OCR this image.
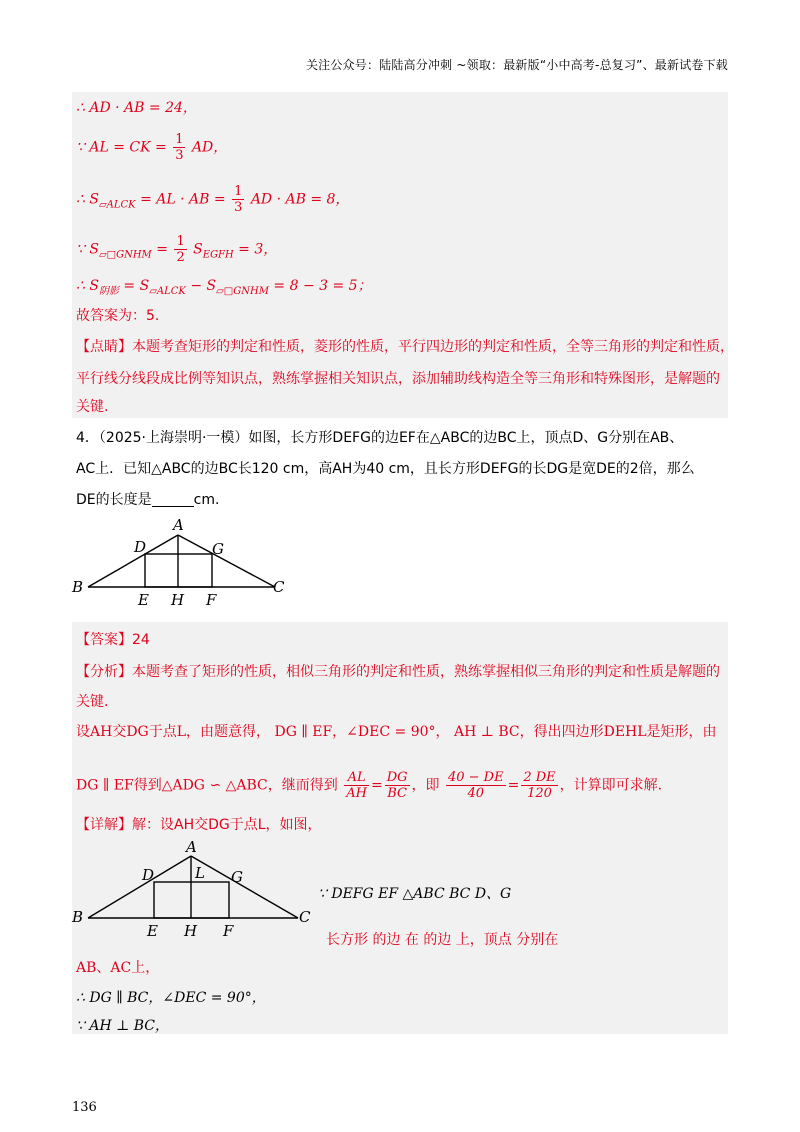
关注公众号：陆陆高分冲刺 ~领取：最新版“小中高考-总复习”、最新试卷下载
∴ AD · AB = 24，
∵ AL = CK = $\frac{1}{3}$ AD，
∴ $S_{▱ALCK}$ = AL · AB = $\frac{1}{3}$ AD · AB = 8，
∵ $S_{▱□GNHM} = \frac{1}{2} S_{EGFH} = 3$，
∴ $S_{阴影} = S_{▱ALCK} - S_{▱□GNHM} = 8 - 3 = 5$；
故答案为：5.
【点睛】本题考查矩形的判定和性质，菱形的性质，平行四边形的判定和性质，全等三角形的判定和性质，
平行线分线段成比例等知识点，熟练掌握相关知识点，添加辅助线构造全等三角形和特殊图形，是解题的
关键.
4．（2025·上海崇明·一模）如图，长方形DEFG的边EF在△ABC的边BC上，顶点D、G分别在AB、
AC上．已知△ABC的边BC长120 cm，高AH为40 cm，且长方形DEFG的长DG是宽DE的2倍，那么
DE的长度是	cm.
A
B	C
D
E	F
G
H
【答案】24
【分析】本题考查了矩形的性质，相似三角形的判定和性质，熟练掌握相似三角形的判定和性质是解题的
关键.
设AH交DG于点L，由题意得， DG ∥ EF，∠DEC = 90°， AH ⊥ BC，得出四边形DEHL是矩形，由
DG ∥ EF得到△ADG ∽ △ABC，继而得到 $\frac{AL}{AH} = \frac{DG}{BC}$ ，即 $\frac{40 - DE}{40} = \frac{2 DE}{120}$ ，计算即可求解.
【详解】解：设AH交DG于点L，如图，
A
B	C
D	L G
E H F
∵ DEFG EF △ABC BC D、G
长方形 的边 在 的边 上，顶点 分别在
AB、AC上，
∴ DG ∥ BC，∠DEC = 90°，
∵ AH ⊥ BC，
136
